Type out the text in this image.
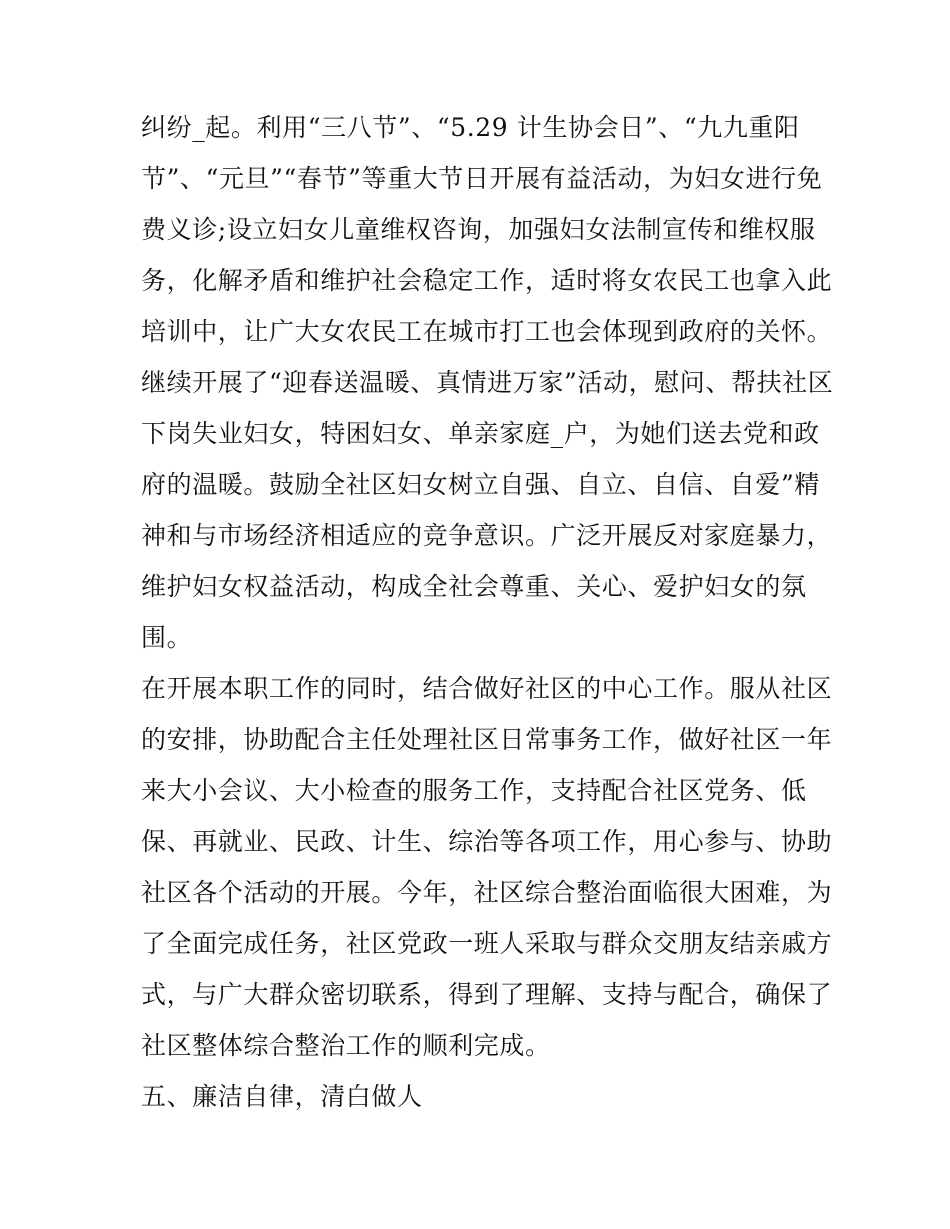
纠纷_起。利用“三八节”、“5.29 计生协会日”、“九九重阳
节”、“元旦”“春节”等重大节日开展有益活动，为妇女进行免
费义诊;设立妇女儿童维权咨询，加强妇女法制宣传和维权服
务，化解矛盾和维护社会稳定工作，适时将女农民工也拿入此
培训中，让广大女农民工在城市打工也会体现到政府的关怀。
继续开展了“迎春送温暖、真情进万家”活动，慰问、帮扶社区
下岗失业妇女，特困妇女、单亲家庭_户，为她们送去党和政
府的温暖。鼓励全社区妇女树立自强、自立、自信、自爱”精
神和与市场经济相适应的竞争意识。广泛开展反对家庭暴力，
维护妇女权益活动，构成全社会尊重、关心、爱护妇女的氛
围。
在开展本职工作的同时，结合做好社区的中心工作。服从社区
的安排，协助配合主任处理社区日常事务工作，做好社区一年
来大小会议、大小检查的服务工作，支持配合社区党务、低
保、再就业、民政、计生、综治等各项工作，用心参与、协助
社区各个活动的开展。今年，社区综合整治面临很大困难，为
了全面完成任务，社区党政一班人采取与群众交朋友结亲戚方
式，与广大群众密切联系，得到了理解、支持与配合，确保了
社区整体综合整治工作的顺利完成。
五、廉洁自律，清白做人
